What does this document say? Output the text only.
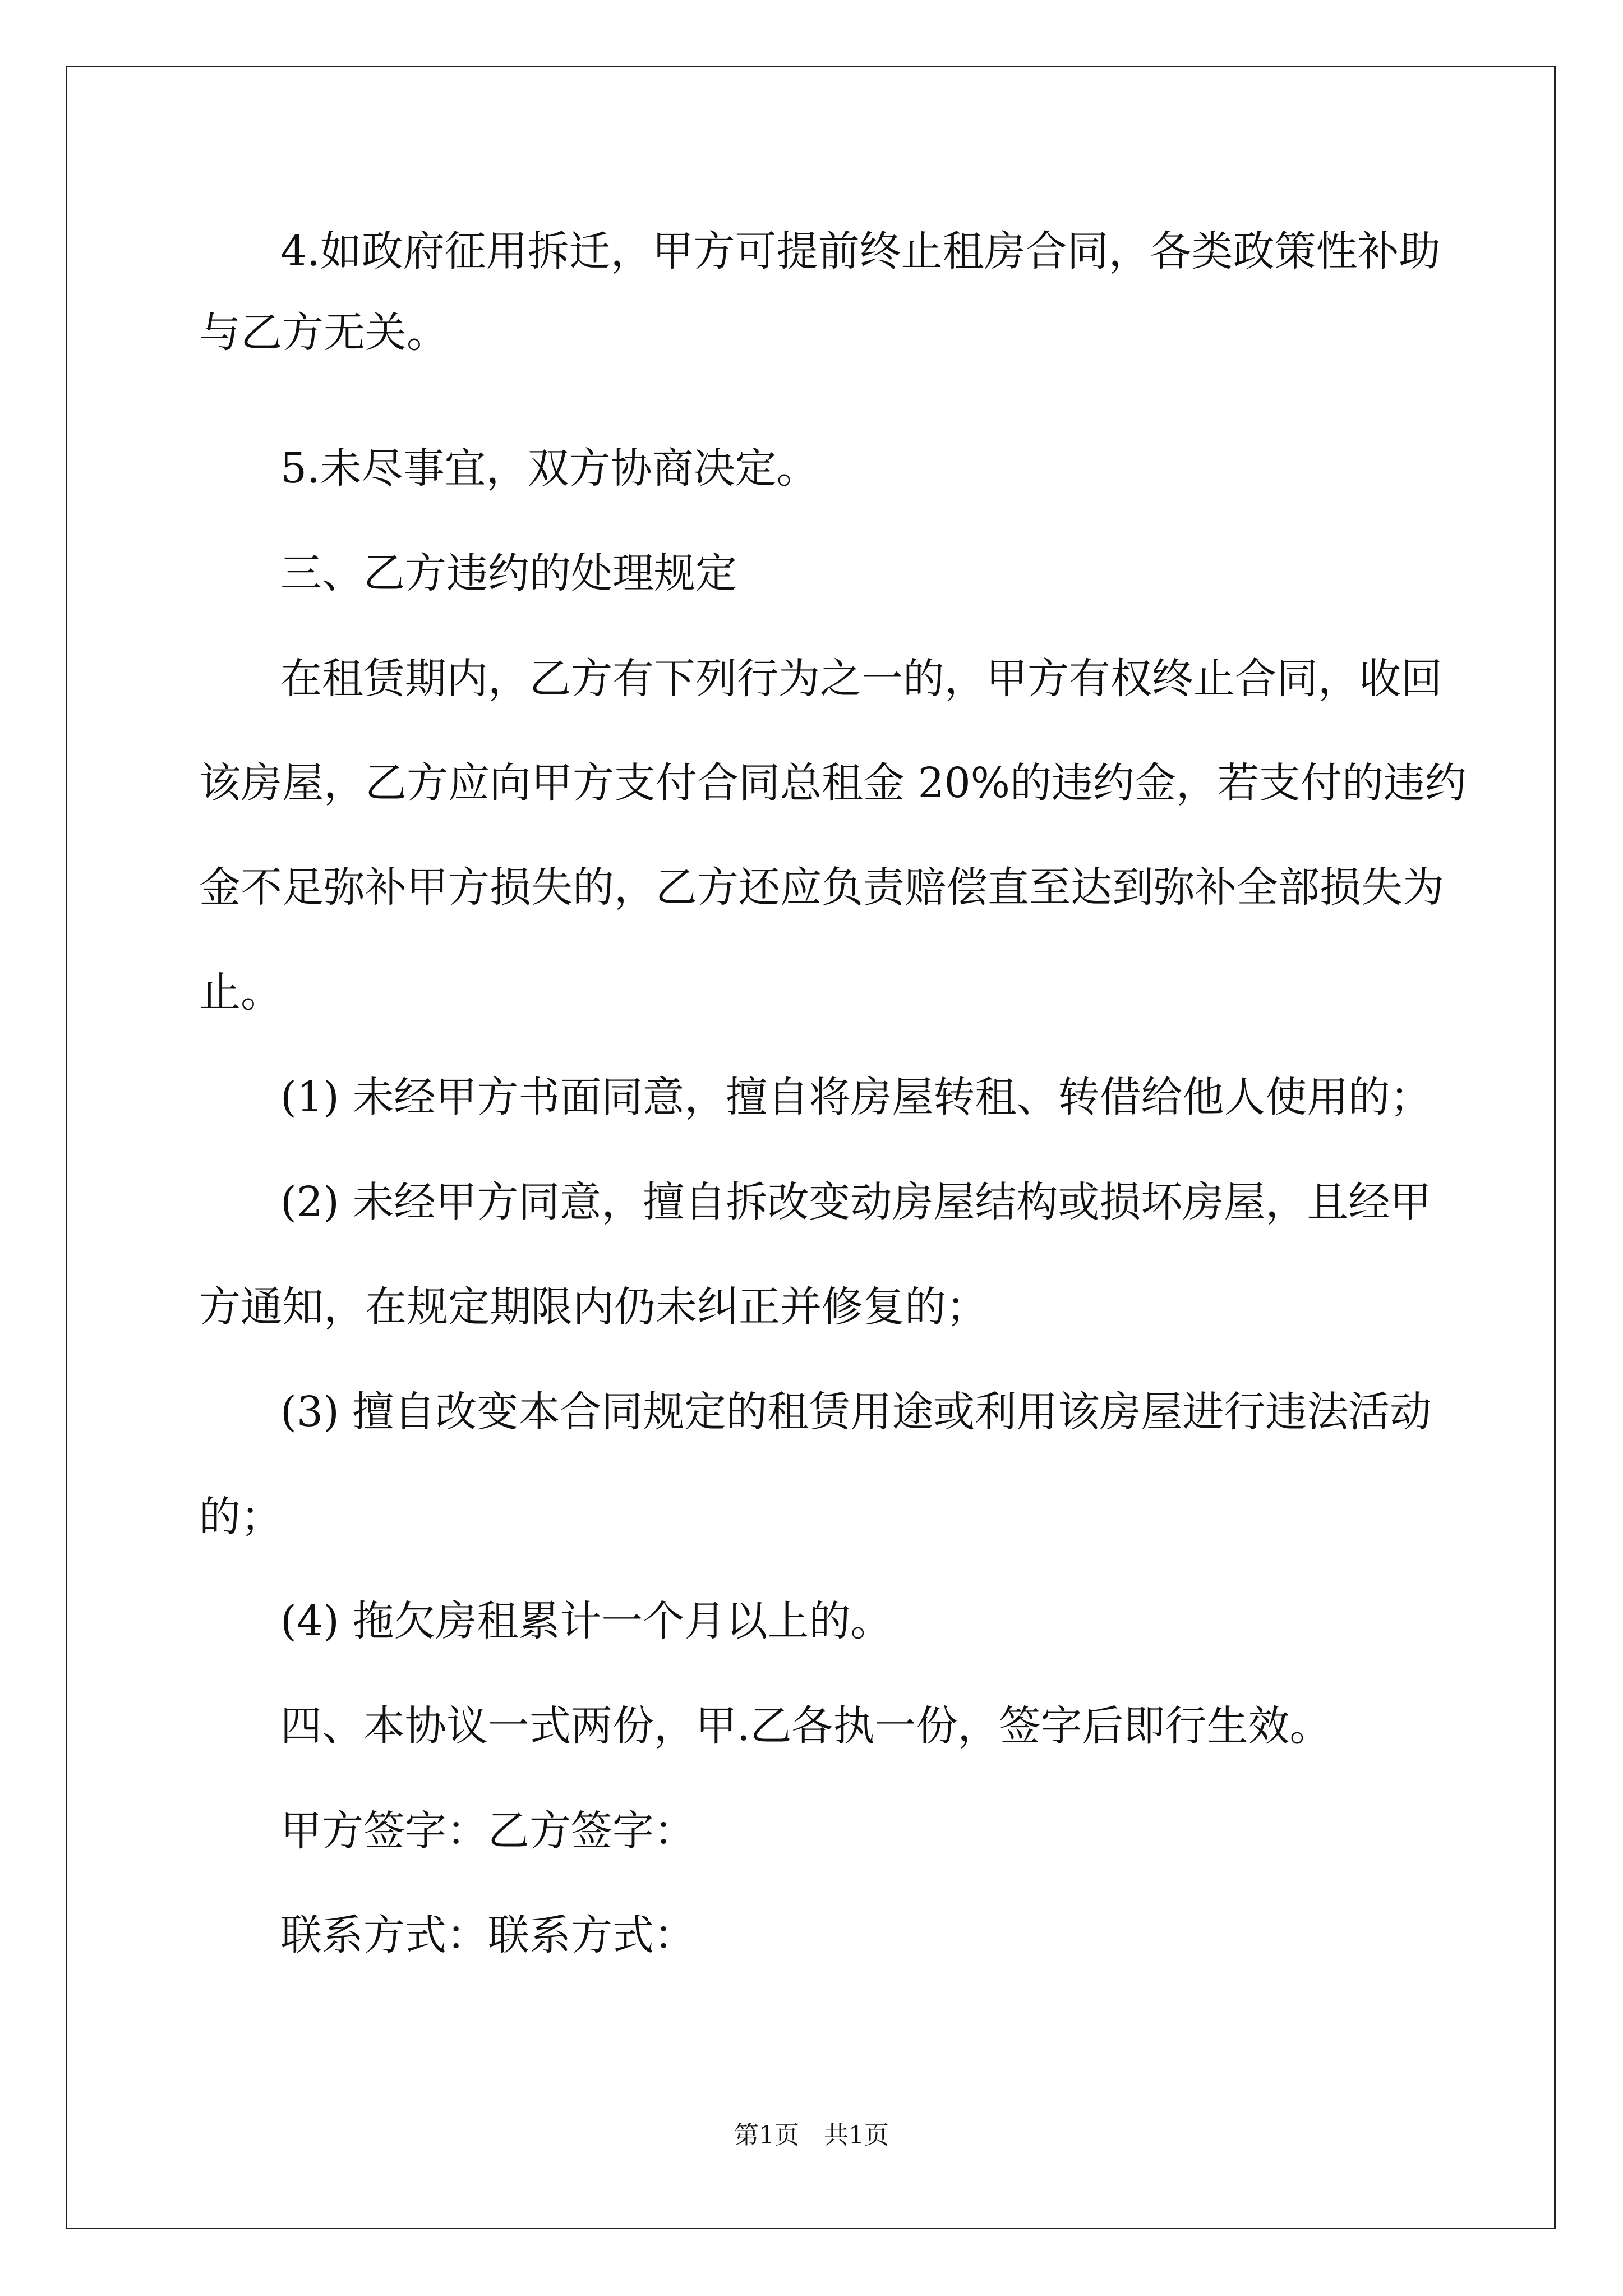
4.如政府征用拆迁，甲方可提前终止租房合同，各类政策性补助
与乙方无关。
5.未尽事宜，双方协商决定。
三、乙方违约的处理规定
在租赁期内，乙方有下列行为之一的，甲方有权终止合同，收回
该房屋，乙方应向甲方支付合同总租金 20%的违约金，若支付的违约
金不足弥补甲方损失的，乙方还应负责赔偿直至达到弥补全部损失为
止。
(1) 未经甲方书面同意，擅自将房屋转租、转借给他人使用的；
(2) 未经甲方同意，擅自拆改变动房屋结构或损坏房屋，且经甲
方通知，在规定期限内仍未纠正并修复的；
(3) 擅自改变本合同规定的租赁用途或利用该房屋进行违法活动
的；
(4) 拖欠房租累计一个月以上的。
四、本协议一式两份，甲.乙各执一份，签字后即行生效。
甲方签字：乙方签字：
联系方式：联系方式：
第1页　共1页
